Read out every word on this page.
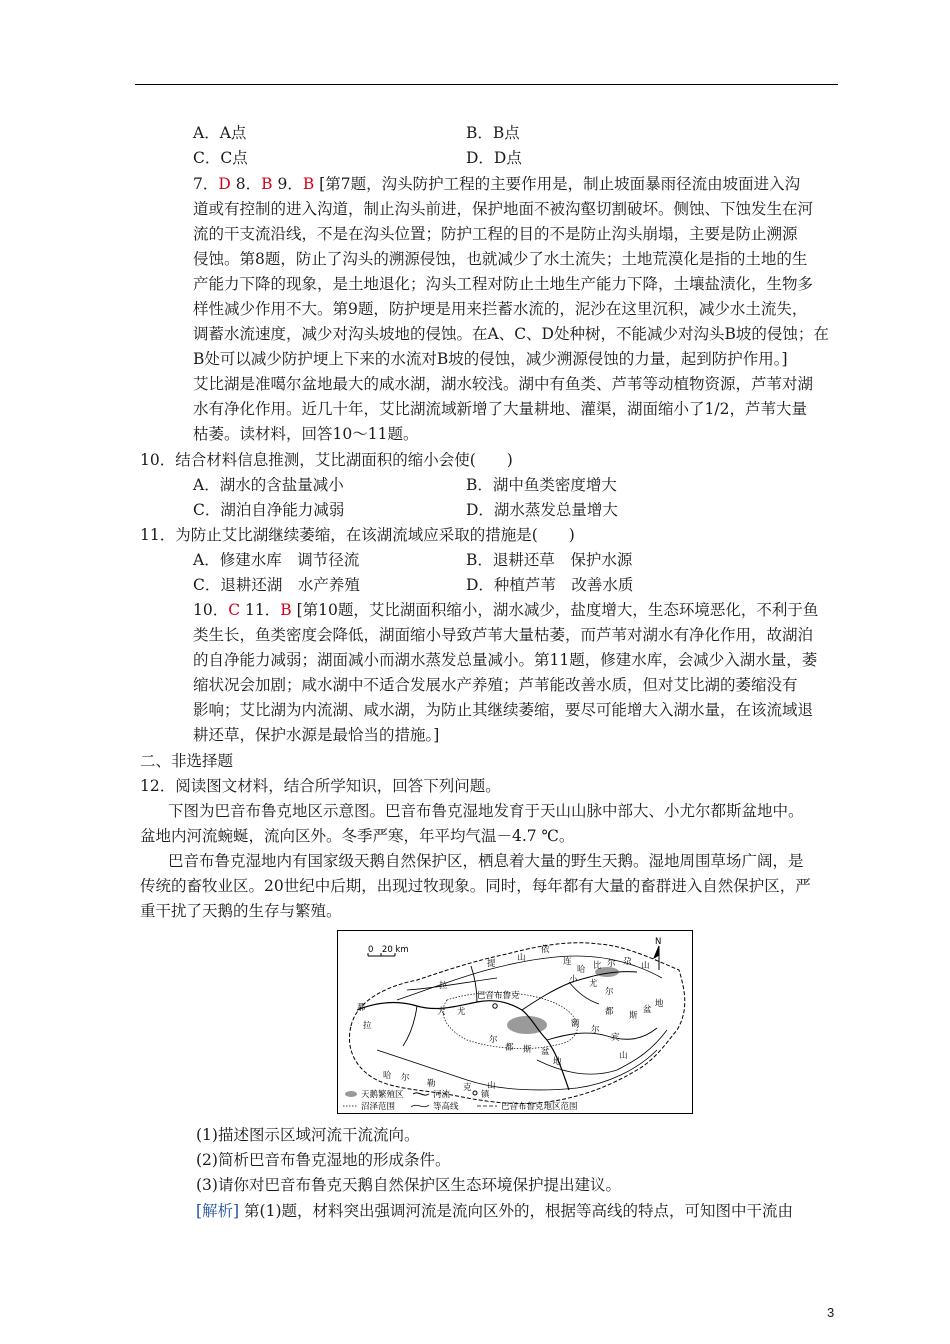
A．A点	B．B点
C．C点	D．D点
7．D 8．B 9．B [第7题，沟头防护工程的主要作用是，制止坡面暴雨径流由坡面进入沟
道或有控制的进入沟道，制止沟头前进，保护地面不被沟壑切割破坏。侧蚀、下蚀发生在河
流的干支流沿线，不是在沟头位置；防护工程的目的不是防止沟头崩塌，主要是防止溯源
侵蚀。第8题，防止了沟头的溯源侵蚀，也就减少了水土流失；土地荒漠化是指的土地的生
产能力下降的现象，是土地退化；沟头工程对防止土地生产能力下降，土壤盐渍化，生物多
样性减少作用不大。第9题，防护埂是用来拦蓄水流的，泥沙在这里沉积，减少水土流失，
调蓄水流速度，减少对沟头坡地的侵蚀。在A、C、D处种树，不能减少对沟头B坡的侵蚀；在
B处可以减少防护埂上下来的水流对B坡的侵蚀，减少溯源侵蚀的力量，起到防护作用。]
艾比湖是准噶尔盆地最大的咸水湖，湖水较浅。湖中有鱼类、芦苇等动植物资源，芦苇对湖
水有净化作用。近几十年，艾比湖流域新增了大量耕地、灌渠，湖面缩小了1/2，芦苇大量
枯萎。读材料，回答10～11题。
10．结合材料信息推测，艾比湖面积的缩小会使(　　)
A．湖水的含盐量减小	B．湖中鱼类密度增大
C．湖泊自净能力减弱	D．湖水蒸发总量增大
11．为防止艾比湖继续萎缩，在该湖流域应采取的措施是(　　)
A．修建水库　调节径流	B．退耕还草　保护水源
C．退耕还湖　水产养殖	D．种植芦苇　改善水质
10．C 11．B [第10题，艾比湖面积缩小，湖水减少，盐度增大，生态环境恶化，不利于鱼
类生长，鱼类密度会降低，湖面缩小导致芦苇大量枯萎，而芦苇对湖水有净化作用，故湖泊
的自净能力减弱；湖面减小而湖水蒸发总量减小。第11题，修建水库，会减少入湖水量，萎
缩状况会加剧；咸水湖中不适合发展水产养殖；芦苇能改善水质，但对艾比湖的萎缩没有
影响；艾比湖为内流湖、咸水湖，为防止其继续萎缩，要尽可能增大入湖水量，在该流域退
耕还草，保护水源是最恰当的措施。]
二、非选择题
12．阅读图文材料，结合所学知识，回答下列问题。
下图为巴音布鲁克地区示意图。巴音布鲁克湿地发育于天山山脉中部大、小尤尔都斯盆地中。
盆地内河流蜿蜒，流向区外。冬季严寒，年平均气温－4.7 ℃。
巴音布鲁克湿地内有国家级天鹅自然保护区，栖息着大量的野生天鹅。湿地周围草场广阔，是
传统的畜牧业区。20世纪中后期，出现过牧现象。同时，每年都有大量的畜群进入自然保护区，严
重干扰了天鹅的生存与繁殖。
0　20 km
N
巴音布鲁克
依
连
哈 比 尔 尕 山
山
小 尤
尔
都 斯
盆
地
提
拉
大 尤
尔
都 斯 盆
地
那
拉
哈 尔
勒	克 山
额
尔
宾
山
天鹅繁殖区	河流	镇
沼泽范围	等高线	巴音布鲁克地区范围
(1)描述图示区域河流干流流向。
(2)简析巴音布鲁克湿地的形成条件。
(3)请你对巴音布鲁克天鹅自然保护区生态环境保护提出建议。
[解析] 第(1)题，材料突出强调河流是流向区外的，根据等高线的特点，可知图中干流由
3
